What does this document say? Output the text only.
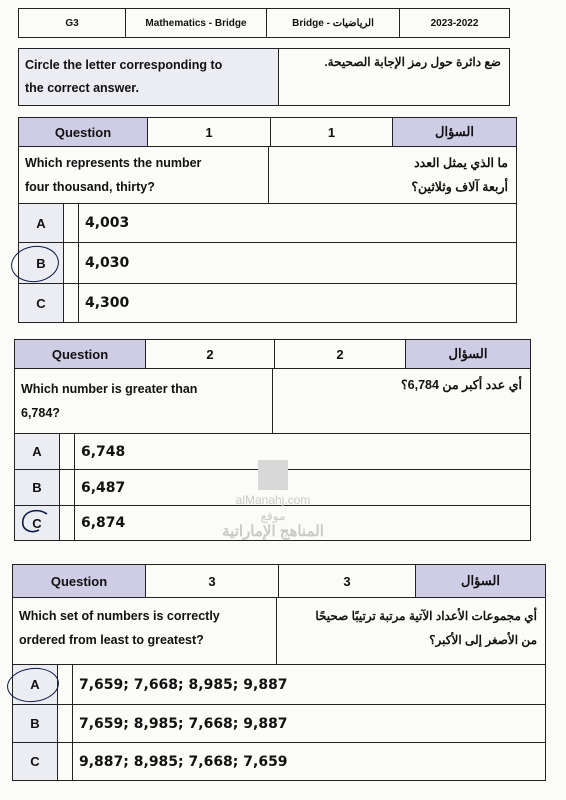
G3	Mathematics - Bridge	Bridge - الرياضيات	2023-2022
Circle the letter corresponding to
the correct answer.
ضع دائرة حول رمز الإجابة الصحيحة.
Question	1	1	السؤال
Which represents the number
four thousand, thirty?
ما الذي يمثل العدد
أربعة آلاف وثلاثين؟
A	4,003
B	4,030
C	4,300
Question	2	2	السؤال
Which number is greater than
6,784?
أي عدد أكبر من 6,784؟
A	6,748
B	6,487
C	6,874
alManahj.com
موقع
المناهج الإماراتية
Question	3	3	السؤال
Which set of numbers is correctly
ordered from least to greatest?
أي مجموعات الأعداد الآتية مرتبة ترتيبًا صحيحًا
من الأصغر إلى الأكبر؟
A	7,659; 7,668; 8,985; 9,887
B	7,659; 8,985; 7,668; 9,887
C	9,887; 8,985; 7,668; 7,659
